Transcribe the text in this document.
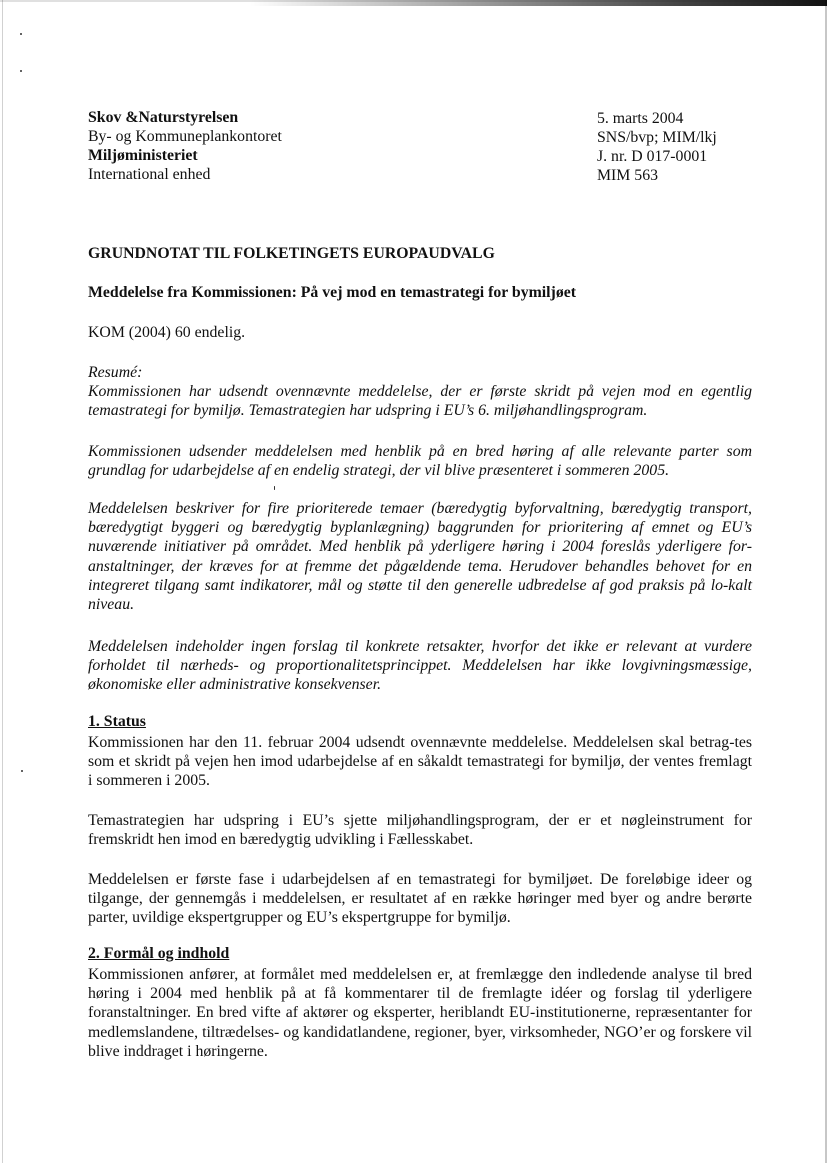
Skov &Naturstyrelsen
By- og Kommuneplankontoret
Miljøministeriet
International enhed
5. marts 2004
SNS/bvp; MIM/lkj
J. nr. D 017-0001
MIM 563
GRUNDNOTAT TIL FOLKETINGETS EUROPAUDVALG
Meddelelse fra Kommissionen: På vej mod en temastrategi for bymiljøet
KOM (2004) 60 endelig.
Resumé:
Kommissionen har udsendt ovennævnte meddelelse, der er første skridt på vejen mod en egentlig temastrategi for bymiljø. Temastrategien har udspring i EU’s 6. miljøhandlingsprogram.
Kommissionen udsender meddelelsen med henblik på en bred høring af alle relevante parter som grundlag for udarbejdelse af en endelig strategi, der vil blive præsenteret i sommeren 2005.
Meddelelsen beskriver for fire prioriterede temaer (bæredygtig byforvaltning, bæredygtig transport, bæredygtigt byggeri og bæredygtig byplanlægning) baggrunden for prioritering af emnet og EU’s nuværende initiativer på området. Med henblik på yderligere høring i 2004 foreslås yderligere for-anstaltninger, der kræves for at fremme det pågældende tema. Herudover behandles behovet for en integreret tilgang samt indikatorer, mål og støtte til den generelle udbredelse af god praksis på lo-kalt niveau.
Meddelelsen indeholder ingen forslag til konkrete retsakter, hvorfor det ikke er relevant at vurdere forholdet til nærheds- og proportionalitetsprincippet. Meddelelsen har ikke lovgivningsmæssige, økonomiske eller administrative konsekvenser.
1. Status
Kommissionen har den 11. februar 2004 udsendt ovennævnte meddelelse. Meddelelsen skal betrag-tes som et skridt på vejen hen imod udarbejdelse af en såkaldt temastrategi for bymiljø, der ventes fremlagt i sommeren i 2005.
Temastrategien har udspring i EU’s sjette miljøhandlingsprogram, der er et nøgleinstrument for fremskridt hen imod en bæredygtig udvikling i Fællesskabet.
Meddelelsen er første fase i udarbejdelsen af en temastrategi for bymiljøet. De foreløbige ideer og tilgange, der gennemgås i meddelelsen, er resultatet af en række høringer med byer og andre berørte parter, uvildige ekspertgrupper og EU’s ekspertgruppe for bymiljø.
2. Formål og indhold
Kommissionen anfører, at formålet med meddelelsen er, at fremlægge den indledende analyse til bred høring i 2004 med henblik på at få kommentarer til de fremlagte idéer og forslag til yderligere foranstaltninger. En bred vifte af aktører og eksperter, heriblandt EU-institutionerne, repræsentanter for medlemslandene, tiltrædelses- og kandidatlandene, regioner, byer, virksomheder, NGO’er og forskere vil blive inddraget i høringerne.
